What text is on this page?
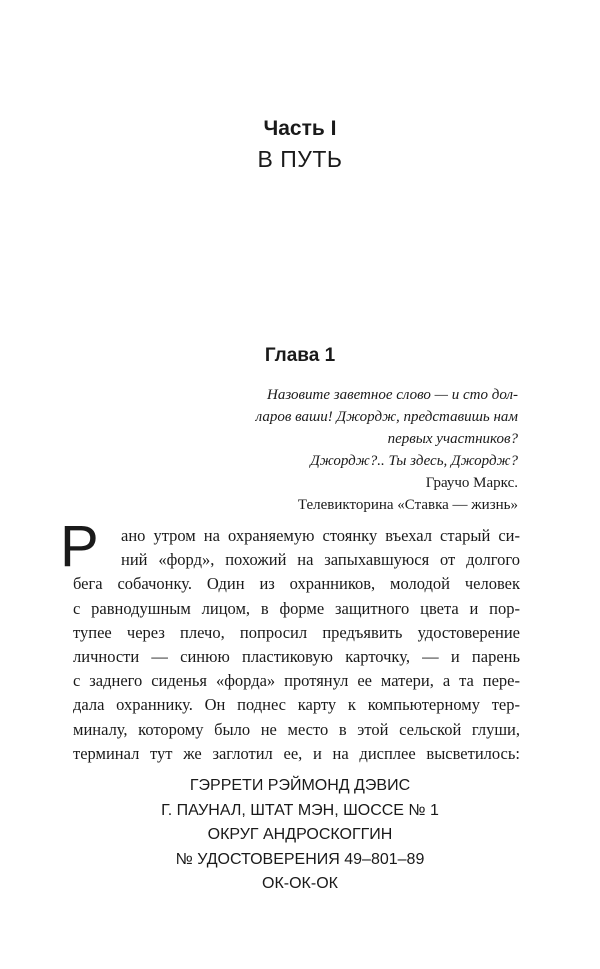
Часть I
В ПУТЬ
Глава 1
Назовите заветное слово — и сто дол-
ларов ваши! Джордж, представишь нам
первых участников?
Джордж?.. Ты здесь, Джордж?
Граучо Маркс.
Телевикторина «Ставка — жизнь»
Р ано утром на охраняемую стоянку въехал старый си-
ний «форд», похожий на запыхавшуюся от долгого
бега собачонку. Один из охранников, молодой человек
с равнодушным лицом, в форме защитного цвета и пор-
тупее через плечо, попросил предъявить удостоверение
личности — синюю пластиковую карточку, — и парень
с заднего сиденья «форда» протянул ее матери, а та пере-
дала охраннику. Он поднес карту к компьютерному тер-
миналу, которому было не место в этой сельской глуши,
терминал тут же заглотил ее, и на дисплее высветилось:
ГЭРРЕТИ РЭЙМОНД ДЭВИС
Г. ПАУНАЛ, ШТАТ МЭН, ШОССЕ № 1
ОКРУГ АНДРОСКОГГИН
№ УДОСТОВЕРЕНИЯ 49–801–89
ОК-ОК-ОК
